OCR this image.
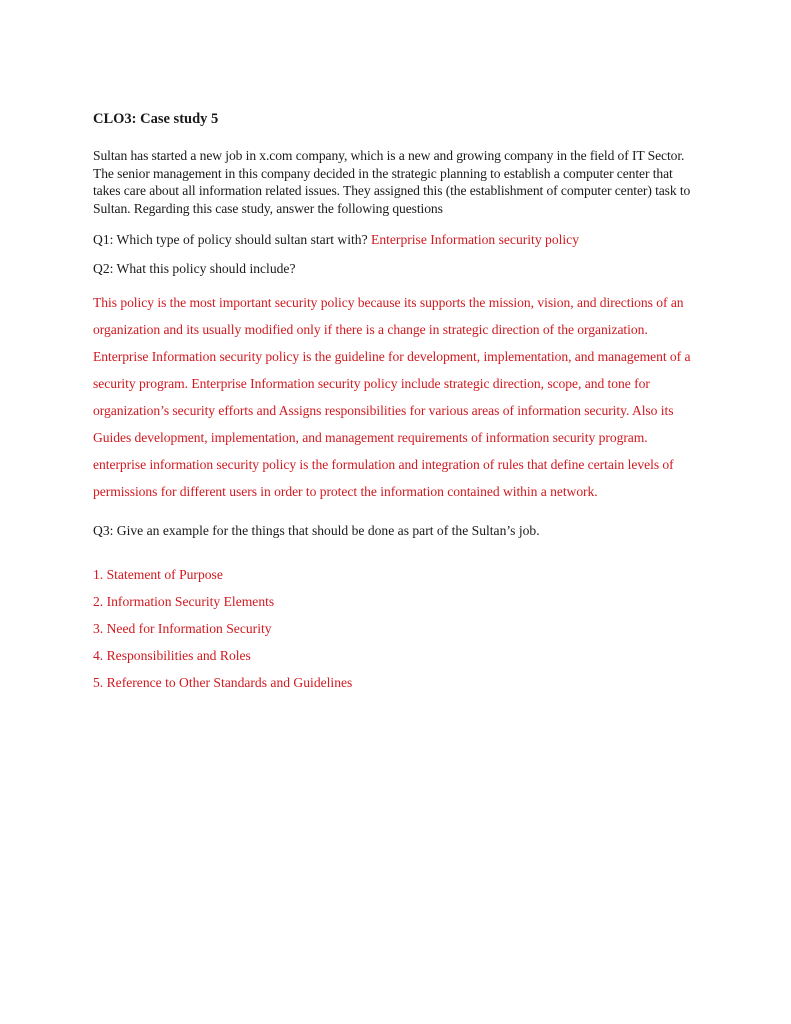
CLO3: Case study 5

Sultan has started a new job in x.com company, which is a new and growing company in the field of IT Sector. The senior management in this company decided in the strategic planning to establish a computer center that takes care about all information related issues. They assigned this (the establishment of computer center) task to Sultan. Regarding this case study, answer the following questions

Q1: Which type of policy should sultan start with? Enterprise Information security policy

Q2: What this policy should include?

This policy is the most important security policy because its supports the mission, vision, and directions of an organization and its usually modified only if there is a change in strategic direction of the organization. Enterprise Information security policy is the guideline for development, implementation, and management of a security program. Enterprise Information security policy include strategic direction, scope, and tone for organization’s security efforts and Assigns responsibilities for various areas of information security. Also its Guides development, implementation, and management requirements of information security program. enterprise information security policy is the formulation and integration of rules that define certain levels of permissions for different users in order to protect the information contained within a network.

Q3: Give an example for the things that should be done as part of the Sultan’s job.

1. Statement of Purpose
2. Information Security Elements
3. Need for Information Security
4. Responsibilities and Roles
5. Reference to Other Standards and Guidelines
